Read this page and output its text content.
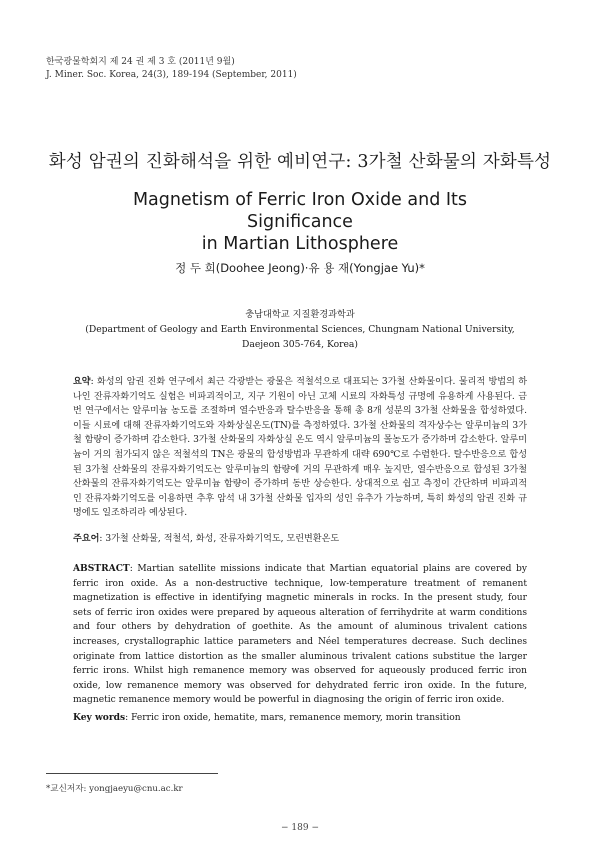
한국광물학회지 제 24 권 제 3 호 (2011년 9월)
J. Miner. Soc. Korea, 24(3), 189-194 (September, 2011)
화성 암권의 진화해석을 위한 예비연구: 3가철 산화물의 자화특성
Magnetism of Ferric Iron Oxide and Its Significance
in Martian Lithosphere
정 두 희(Doohee Jeong)·유 용 재(Yongjae Yu)*
충남대학교 지질환경과학과
(Department of Geology and Earth Environmental Sciences, Chungnam National University,
Daejeon 305-764, Korea)
요약: 화성의 암권 진화 연구에서 최근 각광받는 광물은 적철석으로 대표되는 3가철 산화물이다. 물리적 방법의 하나인 잔류자화기억도 실험은 비파괴적이고, 지구 기원이 아닌 고체 시료의 자화특성 규명에 유용하게 사용된다. 금번 연구에서는 알루미늄 농도를 조절하며 열수반응과 탈수반응을 통해 총 8개 성분의 3가철 산화물을 합성하였다. 이들 시료에 대해 잔류자화기억도와 자화상실온도(TN)를 측정하였다. 3가철 산화물의 격자상수는 알루미늄의 3가철 함량이 증가하며 감소한다. 3가철 산화물의 자화상실 온도 역시 알루미늄의 몰농도가 증가하며 감소한다. 알루미늄이 거의 첨가되지 않은 적철석의 TN은 광물의 합성방법과 무관하게 대략 690℃로 수렴한다. 탈수반응으로 합성된 3가철 산화물의 잔류자화기억도는 알루미늄의 함량에 거의 무관하게 매우 높지만, 열수반응으로 합성된 3가철 산화물의 잔류자화기억도는 알루미늄 함량이 증가하며 동반 상승한다. 상대적으로 쉽고 측정이 간단하며 비파괴적인 잔류자화기억도를 이용하면 추후 암석 내 3가철 산화물 입자의 성인 유추가 가능하며, 특히 화성의 암권 진화 규명에도 일조하리라 예상된다.
주요어: 3가철 산화물, 적철석, 화성, 잔류자화기억도, 모린변환온도
ABSTRACT: Martian satellite missions indicate that Martian equatorial plains are covered by ferric iron oxide. As a non-destructive technique, low-temperature treatment of remanent magnetization is effective in identifying magnetic minerals in rocks. In the present study, four sets of ferric iron oxides were prepared by aqueous alteration of ferrihydrite at warm conditions and four others by dehydration of goethite. As the amount of aluminous trivalent cations increases, crystallographic lattice parameters and Néel temperatures decrease. Such declines originate from lattice distortion as the smaller aluminous trivalent cations substitue the larger ferric irons. Whilst high remanence memory was observed for aqueously produced ferric iron oxide, low remanence memory was observed for dehydrated ferric iron oxide. In the future, magnetic remanence memory would be powerful in diagnosing the origin of ferric iron oxide.
Key words: Ferric iron oxide, hematite, mars, remanence memory, morin transition
*교신저자: yongjaeyu@cnu.ac.kr
− 189 −
